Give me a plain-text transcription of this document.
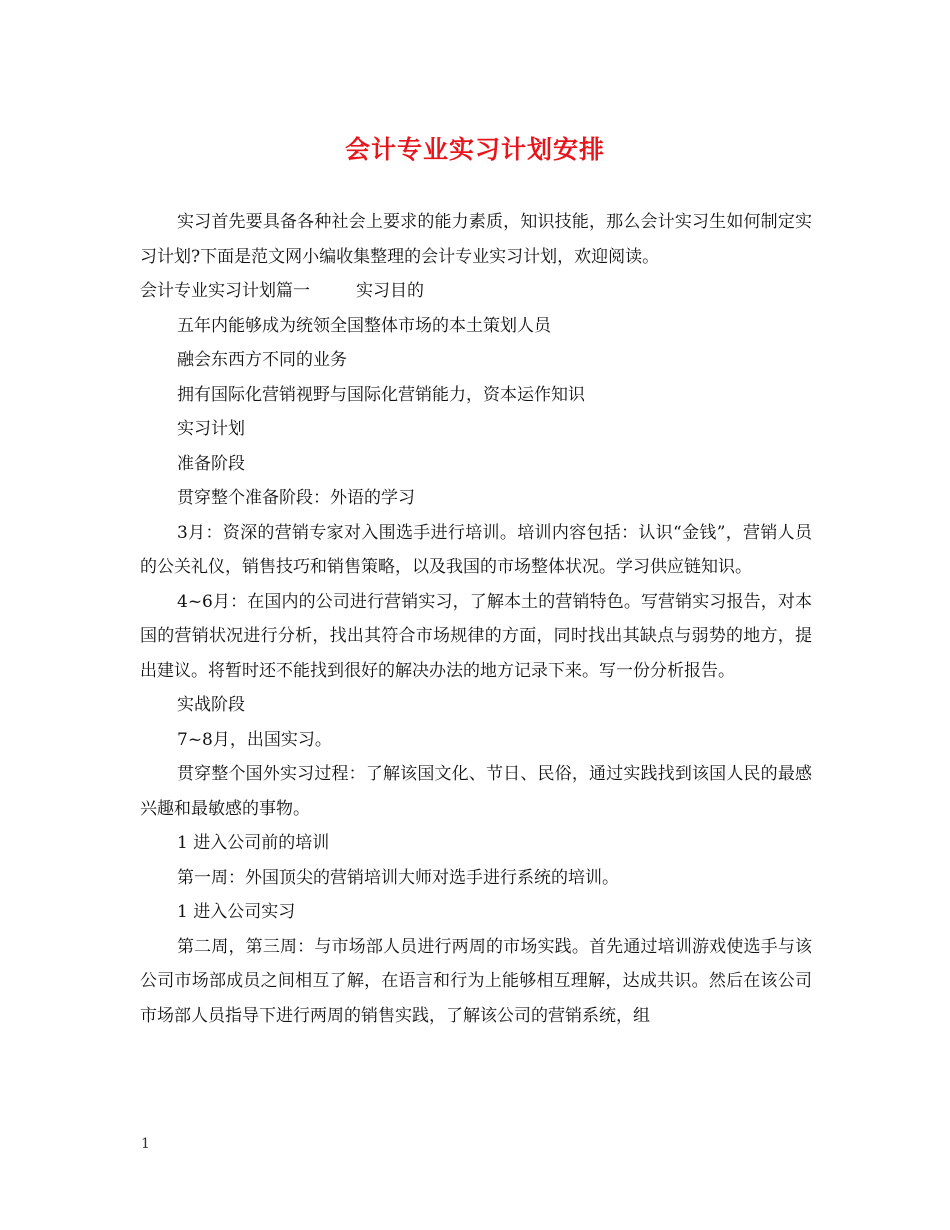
会计专业实习计划安排

实习首先要具备各种社会上要求的能力素质，知识技能，那么会计实习生如何制定实习计划?下面是范文网小编收集整理的会计专业实习计划，欢迎阅读。

会计专业实习计划篇一	实习目的

五年内能够成为统领全国整体市场的本土策划人员

融会东西方不同的业务

拥有国际化营销视野与国际化营销能力，资本运作知识

实习计划

准备阶段

贯穿整个准备阶段：外语的学习

3月：资深的营销专家对入围选手进行培训。培训内容包括：认识“金钱”，营销人员的公关礼仪，销售技巧和销售策略，以及我国的市场整体状况。学习供应链知识。

4~6月：在国内的公司进行营销实习，了解本土的营销特色。写营销实习报告，对本国的营销状况进行分析，找出其符合市场规律的方面，同时找出其缺点与弱势的地方，提出建议。将暂时还不能找到很好的解决办法的地方记录下来。写一份分析报告。

实战阶段

7~8月，出国实习。

贯穿整个国外实习过程：了解该国文化、节日、民俗，通过实践找到该国人民的最感兴趣和最敏感的事物。

1 进入公司前的培训

第一周：外国顶尖的营销培训大师对选手进行系统的培训。

1 进入公司实习

第二周，第三周：与市场部人员进行两周的市场实践。首先通过培训游戏使选手与该公司市场部成员之间相互了解，在语言和行为上能够相互理解，达成共识。然后在该公司市场部人员指导下进行两周的销售实践，了解该公司的营销系统，组

1
